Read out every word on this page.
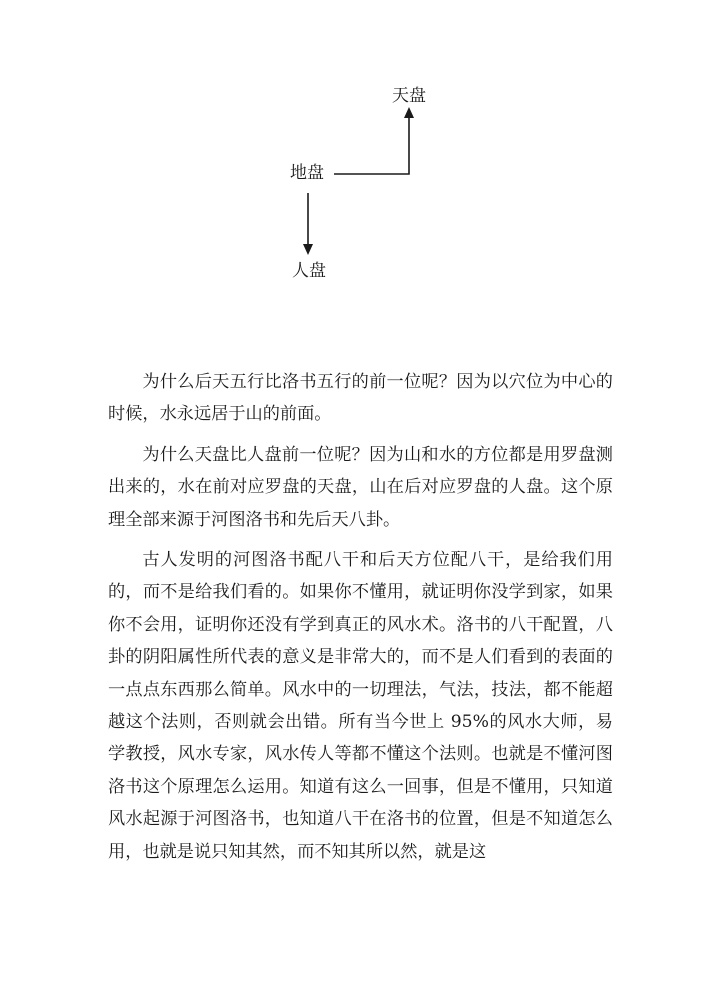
天盘
地盘
人盘

为什么后天五行比洛书五行的前一位呢？因为以穴位为中心的时候，水永远居于山的前面。

为什么天盘比人盘前一位呢？因为山和水的方位都是用罗盘测出来的，水在前对应罗盘的天盘，山在后对应罗盘的人盘。这个原理全部来源于河图洛书和先后天八卦。

古人发明的河图洛书配八干和后天方位配八干，是给我们用的，而不是给我们看的。如果你不懂用，就证明你没学到家，如果你不会用，证明你还没有学到真正的风水术。洛书的八干配置，八卦的阴阳属性所代表的意义是非常大的，而不是人们看到的表面的一点点东西那么简单。风水中的一切理法，气法，技法，都不能超越这个法则，否则就会出错。所有当今世上 95%的风水大师，易学教授，风水专家，风水传人等都不懂这个法则。也就是不懂河图洛书这个原理怎么运用。知道有这么一回事，但是不懂用，只知道风水起源于河图洛书，也知道八干在洛书的位置，但是不知道怎么用，也就是说只知其然，而不知其所以然，就是这
